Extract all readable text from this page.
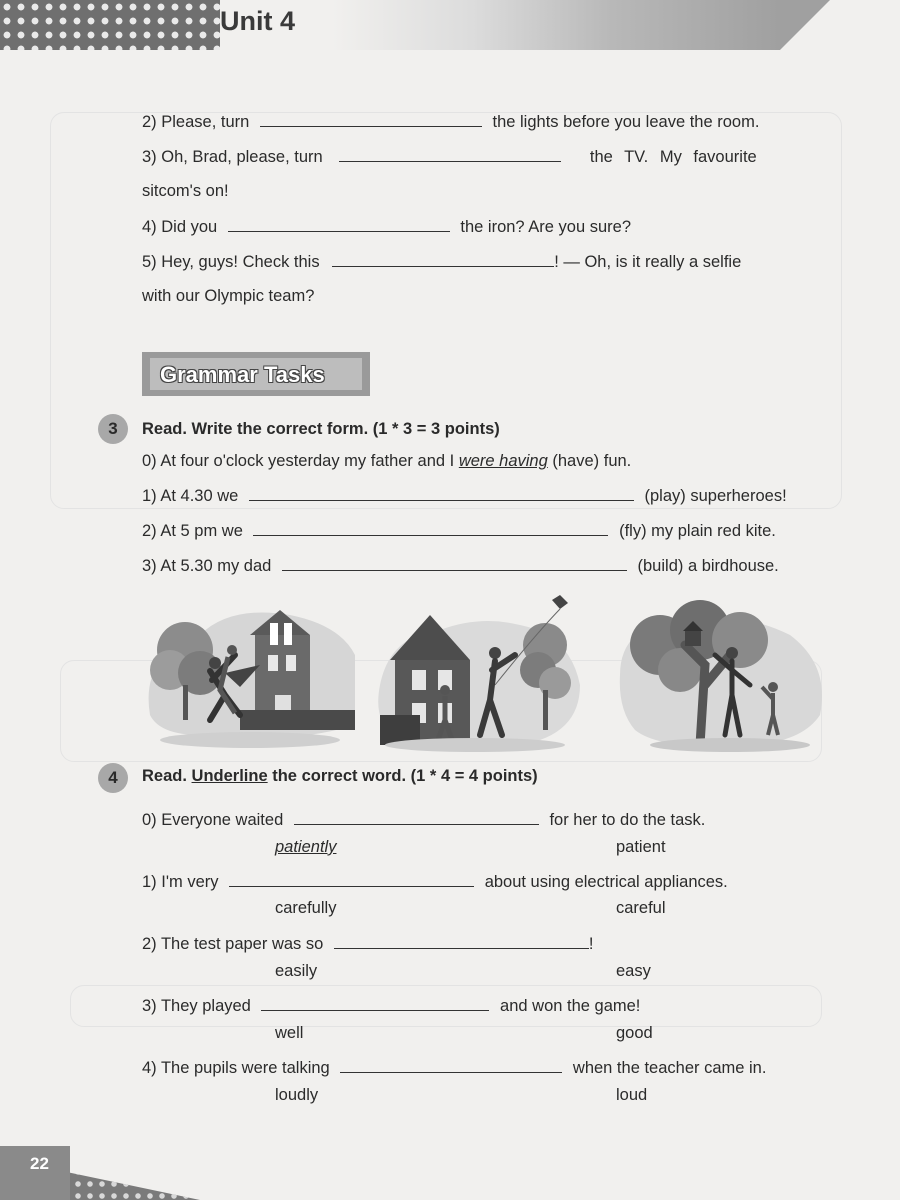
Unit 4
2) Please, turn	the lights before you leave the room.
3) Oh, Brad, please, turn	the TV. My favourite
sitcom's on!
4) Did you	the iron? Are you sure?
5) Hey, guys! Check this	! — Oh, is it really a selfie
with our Olympic team?
Grammar Tasks
3	Read. Write the correct form. (1 * 3 = 3 points)
0) At four o'clock yesterday my father and I were having (have) fun.
1) At 4.30 we	(play) superheroes!
2) At 5 pm we	(fly) my plain red kite.
3) At 5.30 my dad	(build) a birdhouse.
4	Read. Underline the correct word. (1 * 4 = 4 points)
0) Everyone waited	for her to do the task.
patiently	patient
1) I'm very	about using electrical appliances.
carefully	careful
2) The test paper was so	!
easily	easy
3) They played	and won the game!
well	good
4) The pupils were talking	when the teacher came in.
loudly	loud
22
